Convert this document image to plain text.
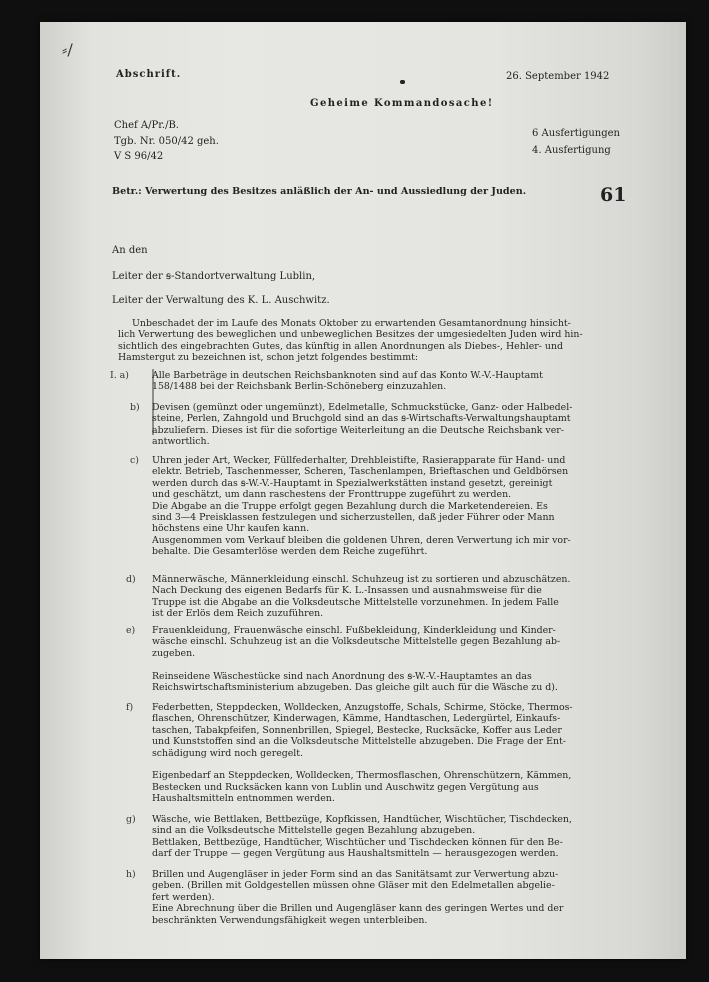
⸗/
Abschrift.	26. September 1942
Geheime Kommandosache!
Chef A/Pr./B.
Tgb. Nr. 050/42 geh.
V S 96/42
6 Ausfertigungen
4. Ausfertigung
Betr.: Verwertung des Besitzes anläßlich der An- und Aussiedlung der Juden.	61
An den
Leiter der ꞩ-Standortverwaltung Lublin,
Leiter der Verwaltung des K. L. Auschwitz.
Unbeschadet der im Laufe des Monats Oktober zu erwartenden Gesamtanordnung hinsicht-
lich Verwertung des beweglichen und unbeweglichen Besitzes der umgesiedelten Juden wird hin-
sichtlich des eingebrachten Gutes, das künftig in allen Anordnungen als Diebes-, Hehler- und
Hamstergut zu bezeichnen ist, schon jetzt folgendes bestimmt:
I. a) Alle Barbeträge in deutschen Reichsbanknoten sind auf das Konto W.-V.-Hauptamt
158/1488 bei der Reichsbank Berlin-Schöneberg einzuzahlen.
b) Devisen (gemünzt oder ungemünzt), Edelmetalle, Schmuckstücke, Ganz- oder Halbedel-
steine, Perlen, Zahngold und Bruchgold sind an das ꞩ-Wirtschafts-Verwaltungshauptamt
abzuliefern. Dieses ist für die sofortige Weiterleitung an die Deutsche Reichsbank ver-
antwortlich.
c) Uhren jeder Art, Wecker, Füllfederhalter, Drehbleistifte, Rasierapparate für Hand- und
elektr. Betrieb, Taschenmesser, Scheren, Taschenlampen, Brieftaschen und Geldbörsen
werden durch das ꞩ-W.-V.-Hauptamt in Spezialwerkstätten instand gesetzt, gereinigt
und geschätzt, um dann raschestens der Fronttruppe zugeführt zu werden.
Die Abgabe an die Truppe erfolgt gegen Bezahlung durch die Marketendereien. Es
sind 3—4 Preisklassen festzulegen und sicherzustellen, daß jeder Führer oder Mann
höchstens eine Uhr kaufen kann.
Ausgenommen vom Verkauf bleiben die goldenen Uhren, deren Verwertung ich mir vor-
behalte. Die Gesamterlöse werden dem Reiche zugeführt.
d) Männerwäsche, Männerkleidung einschl. Schuhzeug ist zu sortieren und abzuschätzen.
Nach Deckung des eigenen Bedarfs für K. L.-Insassen und ausnahmsweise für die
Truppe ist die Abgabe an die Volksdeutsche Mittelstelle vorzunehmen. In jedem Falle
ist der Erlös dem Reich zuzuführen.
e) Frauenkleidung, Frauenwäsche einschl. Fußbekleidung, Kinderkleidung und Kinder-
wäsche einschl. Schuhzeug ist an die Volksdeutsche Mittelstelle gegen Bezahlung ab-
zugeben.

Reinseidene Wäschestücke sind nach Anordnung des ꞩ-W.-V.-Hauptamtes an das
Reichswirtschaftsministerium abzugeben. Das gleiche gilt auch für die Wäsche zu d).
f) Federbetten, Steppdecken, Wolldecken, Anzugstoffe, Schals, Schirme, Stöcke, Thermos-
flaschen, Ohrenschützer, Kinderwagen, Kämme, Handtaschen, Ledergürtel, Einkaufs-
taschen, Tabakpfeifen, Sonnenbrillen, Spiegel, Bestecke, Rucksäcke, Koffer aus Leder
und Kunststoffen sind an die Volksdeutsche Mittelstelle abzugeben. Die Frage der Ent-
schädigung wird noch geregelt.

Eigenbedarf an Steppdecken, Wolldecken, Thermosflaschen, Ohrenschützern, Kämmen,
Bestecken und Rucksäcken kann von Lublin und Auschwitz gegen Vergütung aus
Haushaltsmitteln entnommen werden.
g) Wäsche, wie Bettlaken, Bettbezüge, Kopfkissen, Handtücher, Wischtücher, Tischdecken,
sind an die Volksdeutsche Mittelstelle gegen Bezahlung abzugeben.
Bettlaken, Bettbezüge, Handtücher, Wischtücher und Tischdecken können für den Be-
darf der Truppe — gegen Vergütung aus Haushaltsmitteln — herausgezogen werden.
h) Brillen und Augengläser in jeder Form sind an das Sanitätsamt zur Verwertung abzu-
geben. (Brillen mit Goldgestellen müssen ohne Gläser mit den Edelmetallen abgelie-
fert werden).
Eine Abrechnung über die Brillen und Augengläser kann des geringen Wertes und der
beschränkten Verwendungsfähigkeit wegen unterbleiben.
